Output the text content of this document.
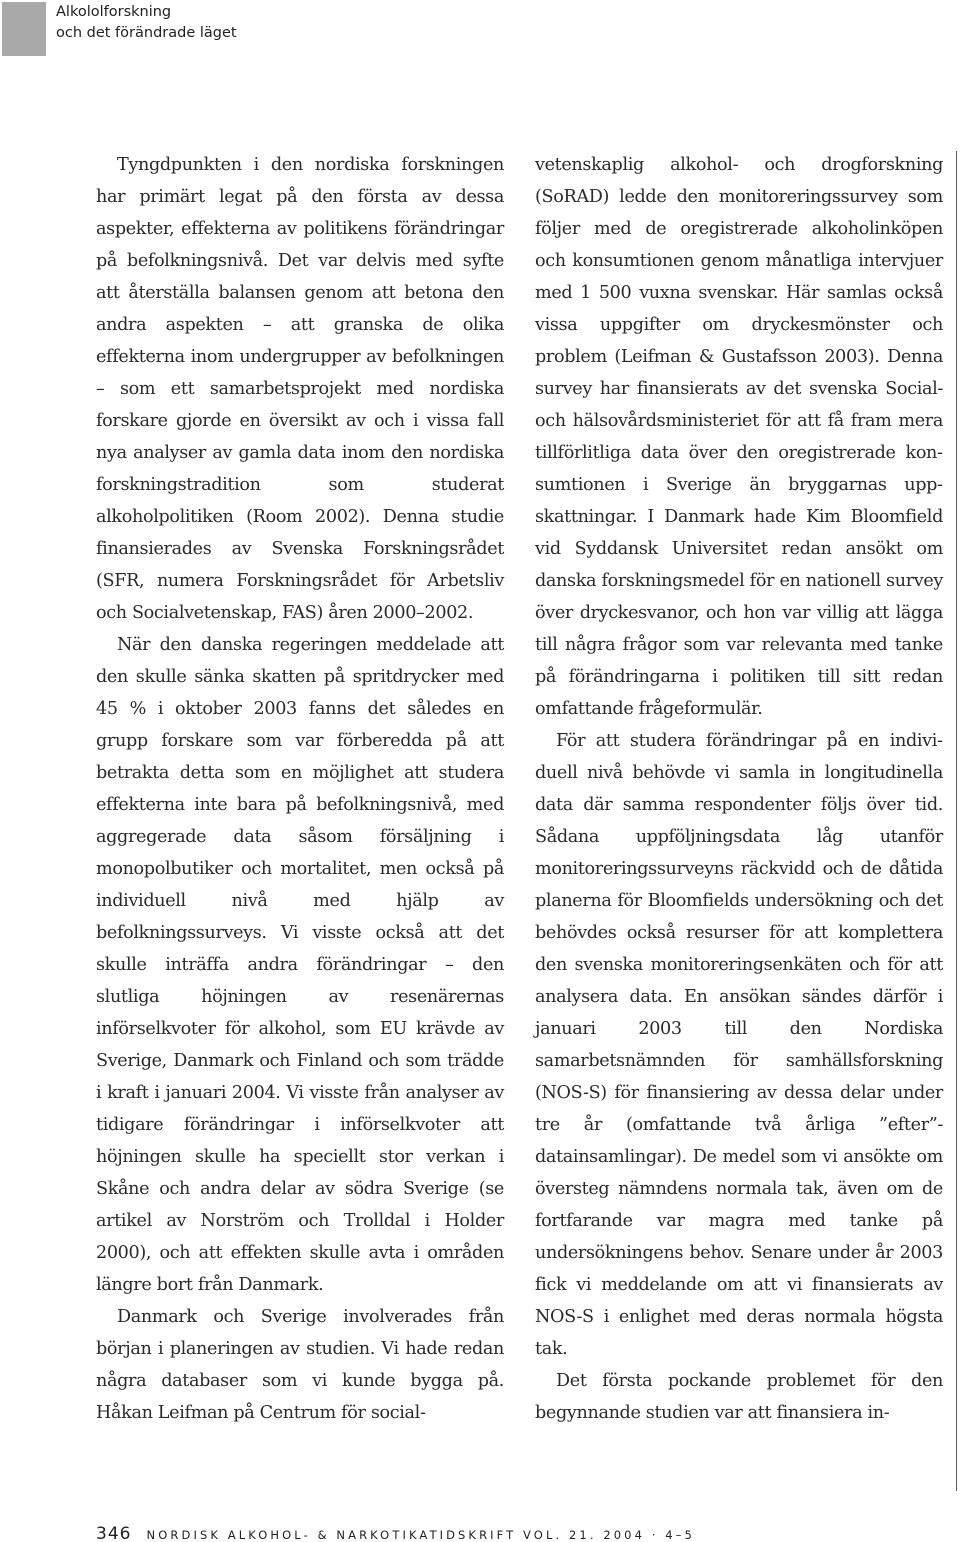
Alkololforskning
och det förändrade läget

Tyngdpunkten i den nordiska forskningen har primärt legat på den första av dessa aspekter, effekterna av politikens förändringar på befolkningsnivå. Det var delvis med syfte att återställa balansen genom att betona den andra aspekten – att granska de olika effekterna inom undergrupper av befolkningen – som ett samarbetsprojekt med nordiska forskare gjorde en översikt av och i vissa fall nya analyser av gamla data inom den nordiska forskningstradition som studerat alkoholpolitiken (Room 2002). Denna studie finansierades av Svenska Forskningsrådet (SFR, numera Forskningsrådet för Arbetsliv och Socialvetenskap, FAS) åren 2000–2002.

När den danska regeringen meddelade att den skulle sänka skatten på spritdrycker med 45 % i oktober 2003 fanns det således en grupp forskare som var förberedda på att betrakta detta som en möjlighet att studera effekterna inte bara på befolkningsnivå, med aggregerade data såsom försäljning i monopolbutiker och mortalitet, men också på individuell nivå med hjälp av befolkningssurveys. Vi visste också att det skulle inträffa andra förändringar – den slutliga höjningen av resenärernas införselkvoter för alkohol, som EU krävde av Sverige, Danmark och Finland och som trädde i kraft i januari 2004. Vi visste från analyser av tidigare förändringar i införselkvoter att höjningen skulle ha speciellt stor verkan i Skåne och andra delar av södra Sverige (se artikel av Norström och Trolldal i Holder 2000), och att effekten skulle avta i områden längre bort från Danmark.

Danmark och Sverige involverades från början i planeringen av studien. Vi hade redan några databaser som vi kunde bygga på. Håkan Leifman på Centrum för social-

vetenskaplig alkohol- och drogforskning (SoRAD) ledde den monitoreringssurvey som följer med de oregistrerade alkoholinköpen och konsumtionen genom månatliga intervjuer med 1 500 vuxna svenskar. Här samlas också vissa uppgifter om dryckesmönster och problem (Leifman & Gustafsson 2003). Denna survey har finansierats av det svenska Social- och hälsovårdsministeriet för att få fram mera tillförlitliga data över den oregistrerade konsumtionen i Sverige än bryggarnas uppskattningar. I Danmark hade Kim Bloomfield vid Syddansk Universitet redan ansökt om danska forskningsmedel för en nationell survey över dryckesvanor, och hon var villig att lägga till några frågor som var relevanta med tanke på förändringarna i politiken till sitt redan omfattande frågeformulär.

För att studera förändringar på en individuell nivå behövde vi samla in longitudinella data där samma respondenter följs över tid. Sådana uppföljningsdata låg utanför monitoreringssurveyns räckvidd och de dåtida planerna för Bloomfields undersökning och det behövdes också resurser för att komplettera den svenska monitoreringsenkäten och för att analysera data. En ansökan sändes därför i januari 2003 till den Nordiska samarbetsnämnden för samhällsforskning (NOS-S) för finansiering av dessa delar under tre år (omfattande två årliga ”efter”-datainsamlingar). De medel som vi ansökte om översteg nämndens normala tak, även om de fortfarande var magra med tanke på undersökningens behov. Senare under år 2003 fick vi meddelande om att vi finansierats av NOS-S i enlighet med deras normala högsta tak.

Det första pockande problemet för den begynnande studien var att finansiera in-

346 NORDISK ALKOHOL- & NARKOTIKATIDSKRIFT VOL. 21. 2004 · 4–5
